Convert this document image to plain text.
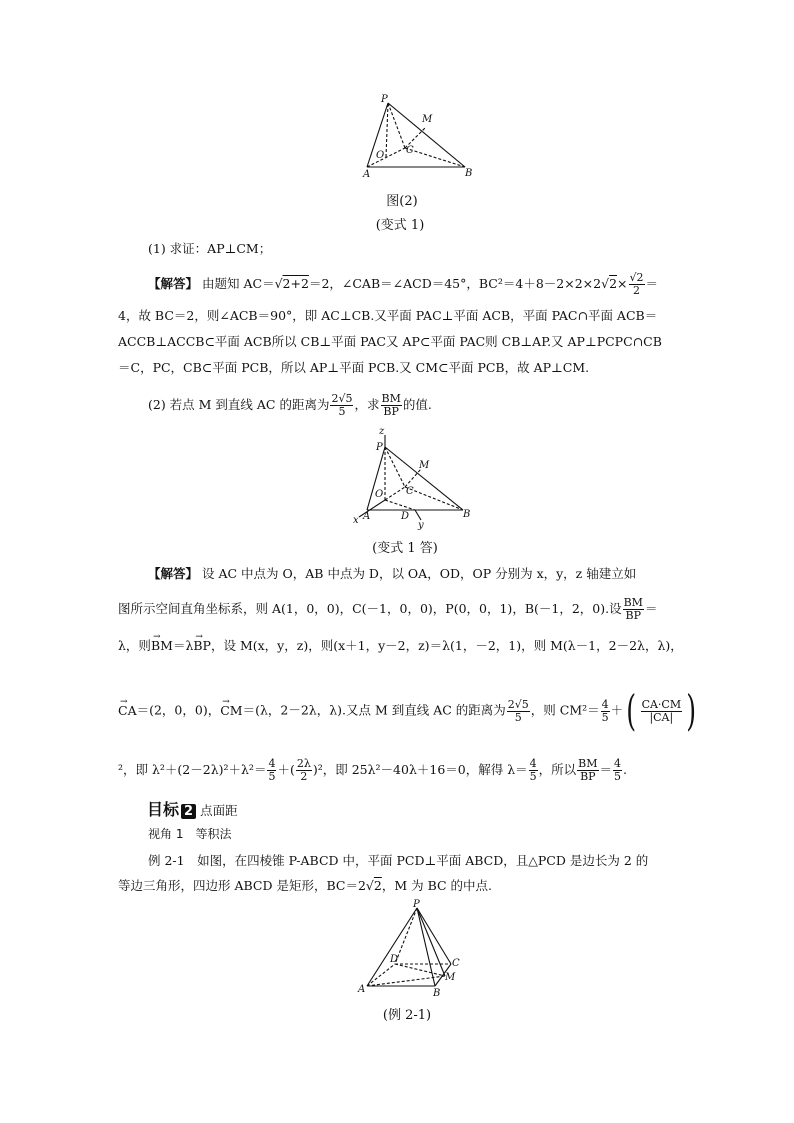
P
M
C
O
A	B
图(2)
(变式 1)
(1) 求证：AP⊥CM；
【解答】 由题知 AC＝√2+2＝2，∠CAB＝∠ACD＝45°，$BC^2=4+8-2\times 2\times 2√2\times \frac{√2}{2}$ ＝
4，故 BC＝2，则∠ACB＝90°，即 AC⊥CB.又平面 PAC⊥平面 ACB，平面 PAC∩平面 ACB＝
ACCB⊥ACCB⊂平面 ACB所以 CB⊥平面 PAC又 AP⊂平面 PAC则 CB⊥AP.又 AP⊥PCPC∩CB
＝C，PC，CB⊂平面 PCB，所以 AP⊥平面 PCB.又 CM⊂平面 PCB，故 AP⊥CM.
(2) 若点 M 到直线 AC 的距离为 $\frac{2√5}{5}$ ，求 $\frac{BM}{BP}$ 的值.
z
P
M
C
O
x A	D
y
B
(变式 1 答)
【解答】 设 AC 中点为 O，AB 中点为 D，以 OA，OD，OP 分别为 x，y，z 轴建立如
图所示空间直角坐标系，则 A(1，0，0)，C(－1，0，0)，P(0，0，1)，B(－1，2，0).设 $\frac{BM}{BP}$ ＝
λ，则→ BM＝λ→ BP，设 M(x，y，z)，则(x＋1，y－2，z)＝λ(1，－2，1)，则 M(λ－1，2－2λ，λ)，
→ CA＝(2，0，0)，→ CM＝(λ，2－2λ，λ).又点 M 到直线 AC 的距离为 $\frac{2√5}{5}$ ，则 $CM^2= \frac{4}{5}$ ＋( $\frac{CA\cdot CM}{|CA|}$ )
²，即 $\lambda^2+(2-2\lambda)^2+\lambda^2= \frac{4}{5}$ ＋( $\frac{2\lambda}{2} )^2$，即 25λ²－40λ＋16＝0，解得 $\lambda= \frac{4}{5}$ ，所以 $\frac{BM}{BP} = \frac{4}{5}$ .
目标 2 点面距
视角 1　等积法
例 2-1　如图，在四棱锥 P-ABCD 中，平面 PCD⊥平面 ABCD，且△PCD 是边长为 2 的
等边三角形，四边形 ABCD 是矩形，BC＝2√2，M 为 BC 的中点.
P
D	C
M
A	B
(例 2-1)
